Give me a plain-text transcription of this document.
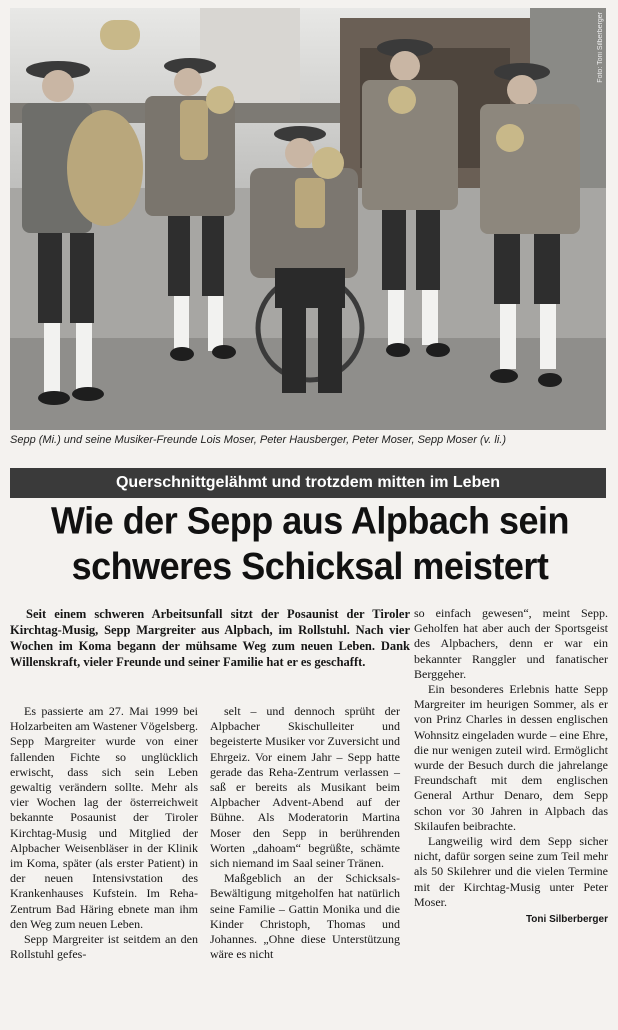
Foto: Toni Silberberger
Sepp (Mi.) und seine Musiker-Freunde Lois Moser, Peter Hausberger, Peter Moser, Sepp Moser (v. li.)
Querschnittgelähmt und trotzdem mitten im Leben
Wie der Sepp aus Alpbach sein
schweres Schicksal meistert

Seit einem schweren Arbeitsunfall sitzt der Posaunist der Tiroler Kirchtag-Musig, Sepp Margreiter aus Alpbach, im Rollstuhl. Nach vier Wochen im Koma begann der mühsame Weg zum neuen Leben. Dank Willenskraft, vieler Freunde und seiner Familie hat er es geschafft.

Es passierte am 27. Mai 1999 bei Holzarbeiten am Wastener Vögelsberg. Sepp Margreiter wurde von einer fallenden Fichte so unglücklich erwischt, dass sich sein Leben gewaltig verändern sollte. Mehr als vier Wochen lag der österreichweit bekannte Posaunist der Tiroler Kirchtag-Musig und Mitglied der Alpbacher Weisenbläser in der Klinik im Koma, später (als erster Patient) in der neuen Intensivstation des Krankenhauses Kufstein. Im Reha-Zentrum Bad Häring ebnete man ihm den Weg zum neuen Leben.

Sepp Margreiter ist seitdem an den Rollstuhl gefes-

selt – und dennoch sprüht der Alpbacher Skischulleiter und begeisterte Musiker vor Zuversicht und Ehrgeiz. Vor einem Jahr – Sepp hatte gerade das Reha-Zentrum verlassen – saß er bereits als Musikant beim Alpbacher Advent-Abend auf der Bühne. Als Moderatorin Martina Moser den Sepp in berührenden Worten „dahoam“ begrüßte, schämte sich niemand im Saal seiner Tränen.

Maßgeblich an der Schicksals-Bewältigung mitgeholfen hat natürlich seine Familie – Gattin Monika und die Kinder Christoph, Thomas und Johannes. „Ohne diese Unterstützung wäre es nicht

so einfach gewesen“, meint Sepp. Geholfen hat aber auch der Sportsgeist des Alpbachers, denn er war ein bekannter Ranggler und fanatischer Berggeher.

Ein besonderes Erlebnis hatte Sepp Margreiter im heurigen Sommer, als er von Prinz Charles in dessen englischen Wohnsitz eingeladen wurde – eine Ehre, die nur wenigen zuteil wird. Ermöglicht wurde der Besuch durch die jahrelange Freundschaft mit dem englischen General Arthur Denaro, dem Sepp schon vor 30 Jahren in Alpbach das Skilaufen beibrachte.

Langweilig wird dem Sepp sicher nicht, dafür sorgen seine zum Teil mehr als 50 Skilehrer und die vielen Termine mit der Kirchtag-Musig unter Peter Moser.

Toni Silberberger
